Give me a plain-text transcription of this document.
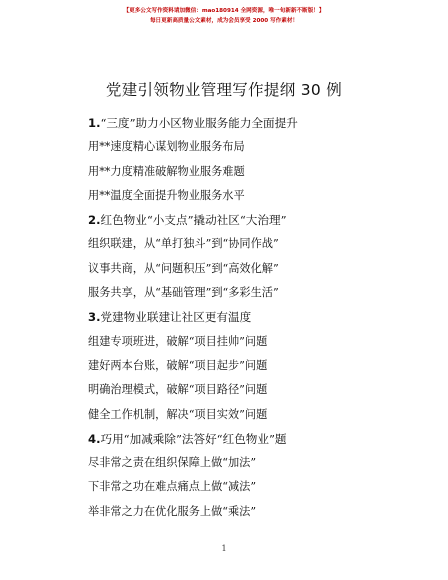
【更多公文写作资料请加微信：mao180914 全网资源，唯一旬新新不断版！】
每日更新高质量公文素材，成为会员享受 2000 写作素材！
党建引领物业管理写作提纲 30 例
1.“三度”助力小区物业服务能力全面提升
用**速度精心谋划物业服务布局
用**力度精准破解物业服务难题
用**温度全面提升物业服务水平
2.红色物业“小支点”撬动社区“大治理”
组织联建，从“单打独斗”到“协同作战”
议事共商，从“问题积压”到“高效化解”
服务共享，从“基础管理”到“多彩生活”
3.党建物业联建让社区更有温度
组建专项班进，破解“项目挂帅”问题
建好两本台账，破解“项目起步”问题
明确治理模式，破解“项目路径”问题
健全工作机制，解决“项目实效”问题
4.巧用“加减乘除”法答好“红色物业”题
尽非常之责在组织保障上做“加法”
下非常之功在难点痛点上做“减法”
举非常之力在优化服务上做“乘法”
1
